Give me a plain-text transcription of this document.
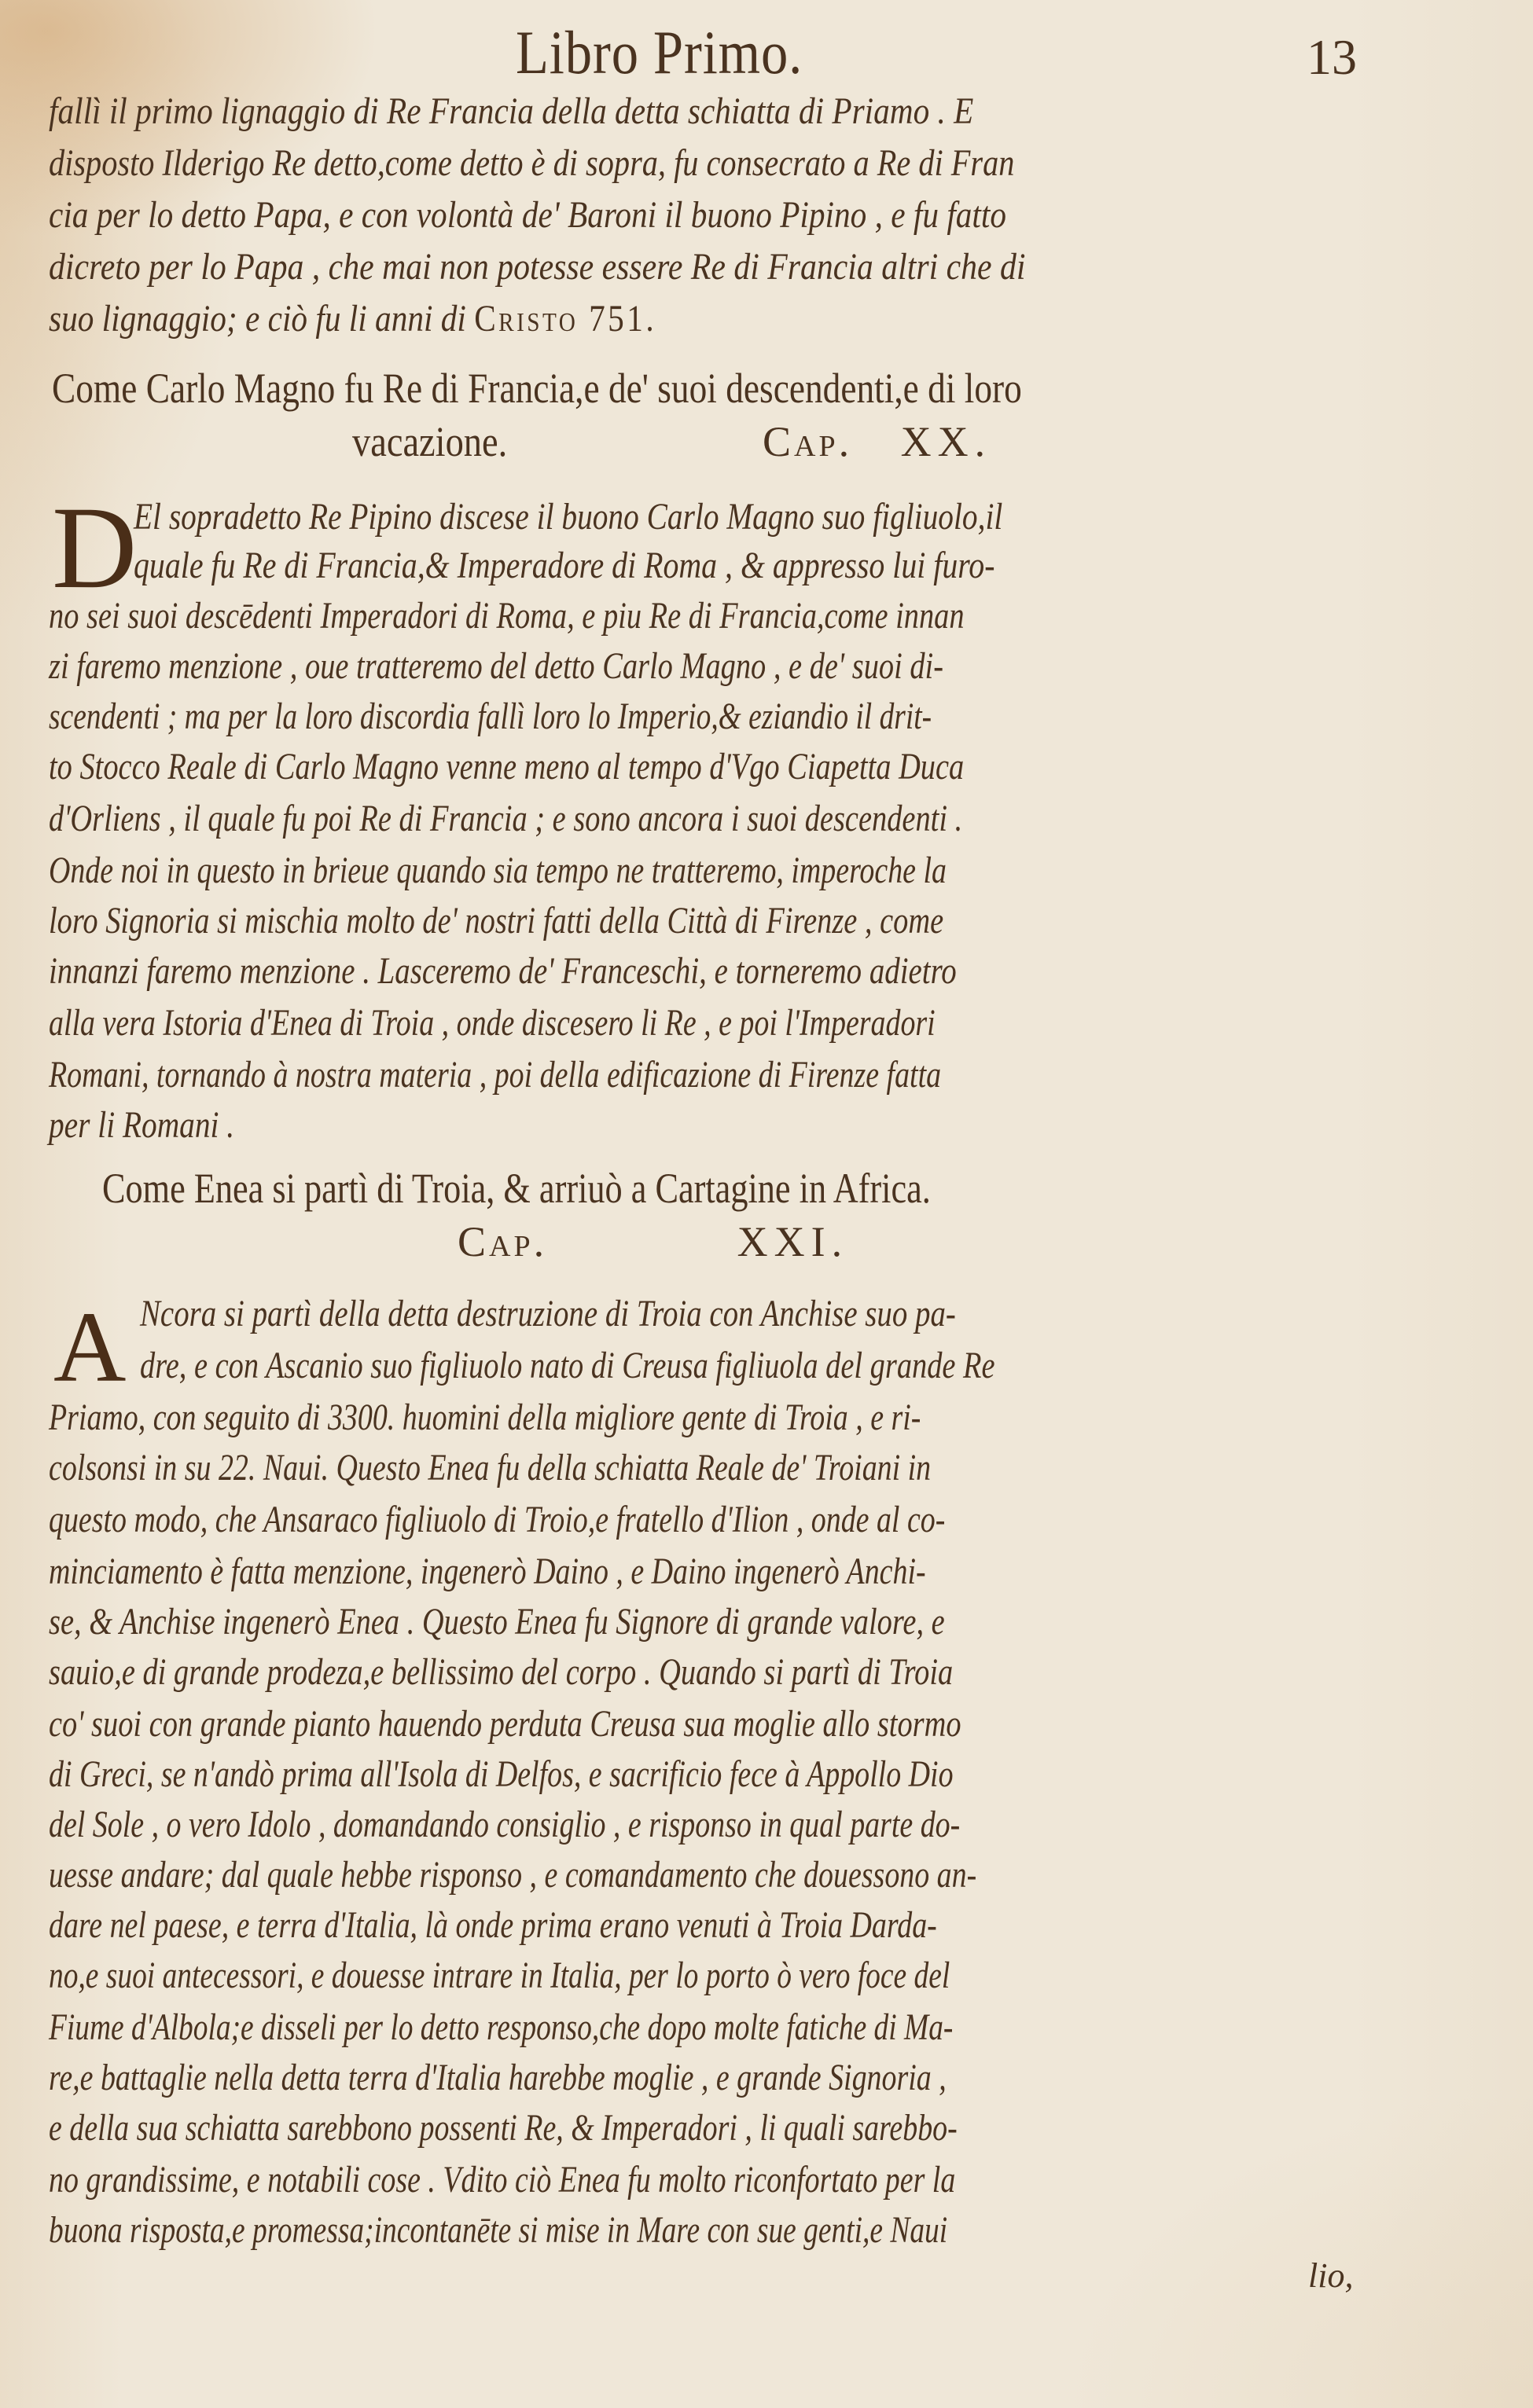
Libro Primo.	13
fallì il primo lignaggio di Re Francia della detta schiatta di Priamo . E
disposto Ilderigo Re detto,come detto è di sopra, fu consecrato a Re di Fran
cia per lo detto Papa, e con volontà de' Baroni il buono Pipino , e fu fatto
dicreto per lo Papa , che mai non potesse essere Re di Francia altri che di
suo lignaggio; e ciò fu li anni di Cristo 751.
Come Carlo Magno fu Re di Francia,e de' suoi descendenti,e di loro
vacazione.	Cap. XX.
D
El sopradetto Re Pipino discese il buono Carlo Magno suo figliuolo,il
quale fu Re di Francia,& Imperadore di Roma , & appresso lui furo-
no sei suoi descēdenti Imperadori di Roma, e piu Re di Francia,come innan
zi faremo menzione , oue tratteremo del detto Carlo Magno , e de' suoi di-
scendenti ; ma per la loro discordia fallì loro lo Imperio,& eziandio il drit-
to Stocco Reale di Carlo Magno venne meno al tempo d'Vgo Ciapetta Duca
d'Orliens , il quale fu poi Re di Francia ; e sono ancora i suoi descendenti .
Onde noi in questo in brieue quando sia tempo ne tratteremo, imperoche la
loro Signoria si mischia molto de' nostri fatti della Città di Firenze , come
innanzi faremo menzione . Lasceremo de' Franceschi, e torneremo adietro
alla vera Istoria d'Enea di Troia , onde discesero li Re , e poi l'Imperadori
Romani, tornando à nostra materia , poi della edificazione di Firenze fatta
per li Romani .
Come Enea si partì di Troia, & arriuò a Cartagine in Africa.
Cap.	XXI.
A Ncora si partì della detta destruzione di Troia con Anchise suo pa-
dre, e con Ascanio suo figliuolo nato di Creusa figliuola del grande Re
Priamo, con seguito di 3300. huomini della migliore gente di Troia , e ri-
colsonsi in su 22. Naui. Questo Enea fu della schiatta Reale de' Troiani in
questo modo, che Ansaraco figliuolo di Troio,e fratello d'Ilion , onde al co-
minciamento è fatta menzione, ingenerò Daino , e Daino ingenerò Anchi-
se, & Anchise ingenerò Enea . Questo Enea fu Signore di grande valore, e
sauio,e di grande prodeza,e bellissimo del corpo . Quando si partì di Troia
co' suoi con grande pianto hauendo perduta Creusa sua moglie allo stormo
di Greci, se n'andò prima all'Isola di Delfos, e sacrificio fece à Appollo Dio
del Sole , o vero Idolo , domandando consiglio , e risponso in qual parte do-
uesse andare; dal quale hebbe risponso , e comandamento che douessono an-
dare nel paese, e terra d'Italia, là onde prima erano venuti à Troia Darda-
no,e suoi antecessori, e douesse intrare in Italia, per lo porto ò vero foce del
Fiume d'Albola;e disseli per lo detto responso,che dopo molte fatiche di Ma-
re,e battaglie nella detta terra d'Italia harebbe moglie , e grande Signoria ,
e della sua schiatta sarebbono possenti Re, & Imperadori , li quali sarebbo-
no grandissime, e notabili cose . Vdito ciò Enea fu molto riconfortato per la
buona risposta,e promessa;incontanēte si mise in Mare con sue genti,e Naui
lio,
